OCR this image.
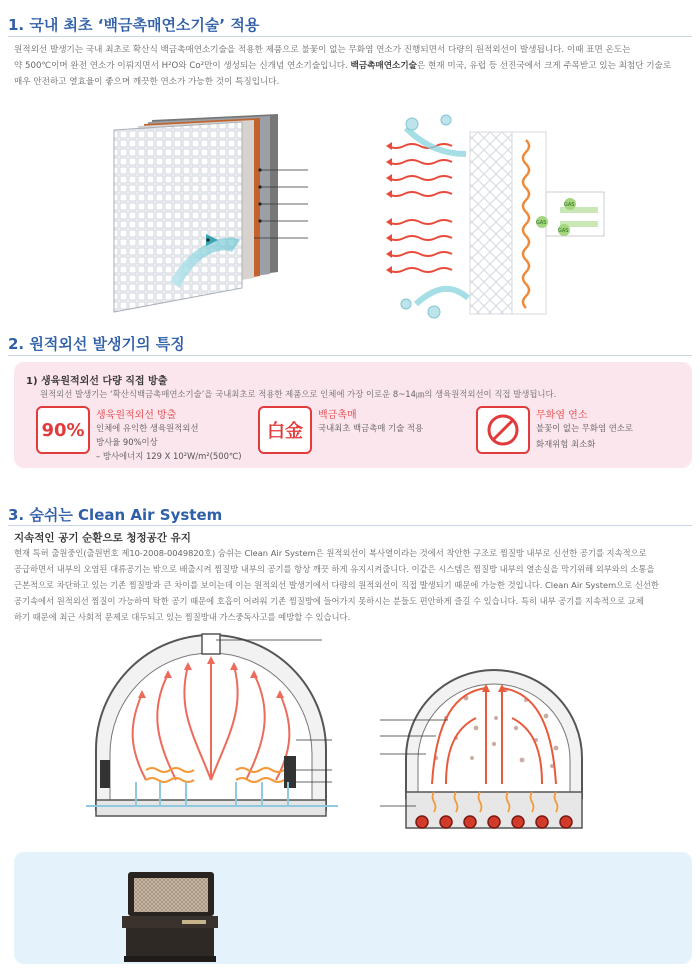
1. 국내 최초 ‘백금촉매연소기술’ 적용
원적외선 발생기는 국내 최초로 확산식 백금촉매연소기술을 적용한 제품으로 불꽃이 없는 무화염 연소가 진행되면서 다량의 원적외선이 발생됩니다. 이때 표면 온도는
약 500℃이며 완전 연소가 이뤄지면서 H²O와 Co²만이 생성되는 신개념 연소기술입니다. 백금촉매연소기술은 현재 미국, 유럽 등 선진국에서 크게 주목받고 있는 최첨단 기술로
매우 안전하고 열효율이 좋으며 깨끗한 연소가 가능한 것이 특징입니다.
GAS
GAS
GAS
2. 원적외선 발생기의 특징
1) 생육원적외선 다량 직접 방출
원적외선 발생기는 ‘확산식백금촉매연소기술’을 국내최초로 적용한 제품으로 인체에 가장 이로운 8~14㎛의 생육원적외선이 직접 발생됩니다.
90%
생육원적외선 방출
인체에 유익한 생육원적외선
방사율 90%이상
– 방사에너지 129 X 10²W/m²(500℃)
白金
백금촉매
국내최초 백금촉매 기술 적용
무화염 연소
불꽃이 없는 무화염 연소로
화재위험 최소화
3. 숨쉬는 Clean Air System
지속적인 공기 순환으로 청정공간 유지
현재 특허 출원중인(출원번호 제10-2008-0049820호) 숨쉬는 Clean Air System은 원적외선이 복사열이라는 것에서 착안한 구조로 찜질방 내부로 신선한 공기를 지속적으로
공급하면서 내부의 오염된 대류공기는 밖으로 배출시켜 찜질방 내부의 공기를 항상 깨끗 하게 유지시켜줍니다. 이같은 시스템은 찜질방 내부의 열손실을 막기위해 외부와의 소통을
근본적으로 차단하고 있는 기존 찜질방과 큰 차이를 보이는데 이는 원적외선 발생기에서 다량의 원적외선이 직접 발생되기 때문에 가능한 것입니다. Clean Air System으로 신선한
공기속에서 원적외선 찜질이 가능하여 탁한 공기 때문에 호흡이 어려워 기존 찜질방에 들어가지 못하시는 분들도 편안하게 즐길 수 있습니다. 특히 내부 공기를 지속적으로 교체
하기 때문에 최근 사회적 문제로 대두되고 있는 찜질방내 가스중독사고를 예방할 수 있습니다.
